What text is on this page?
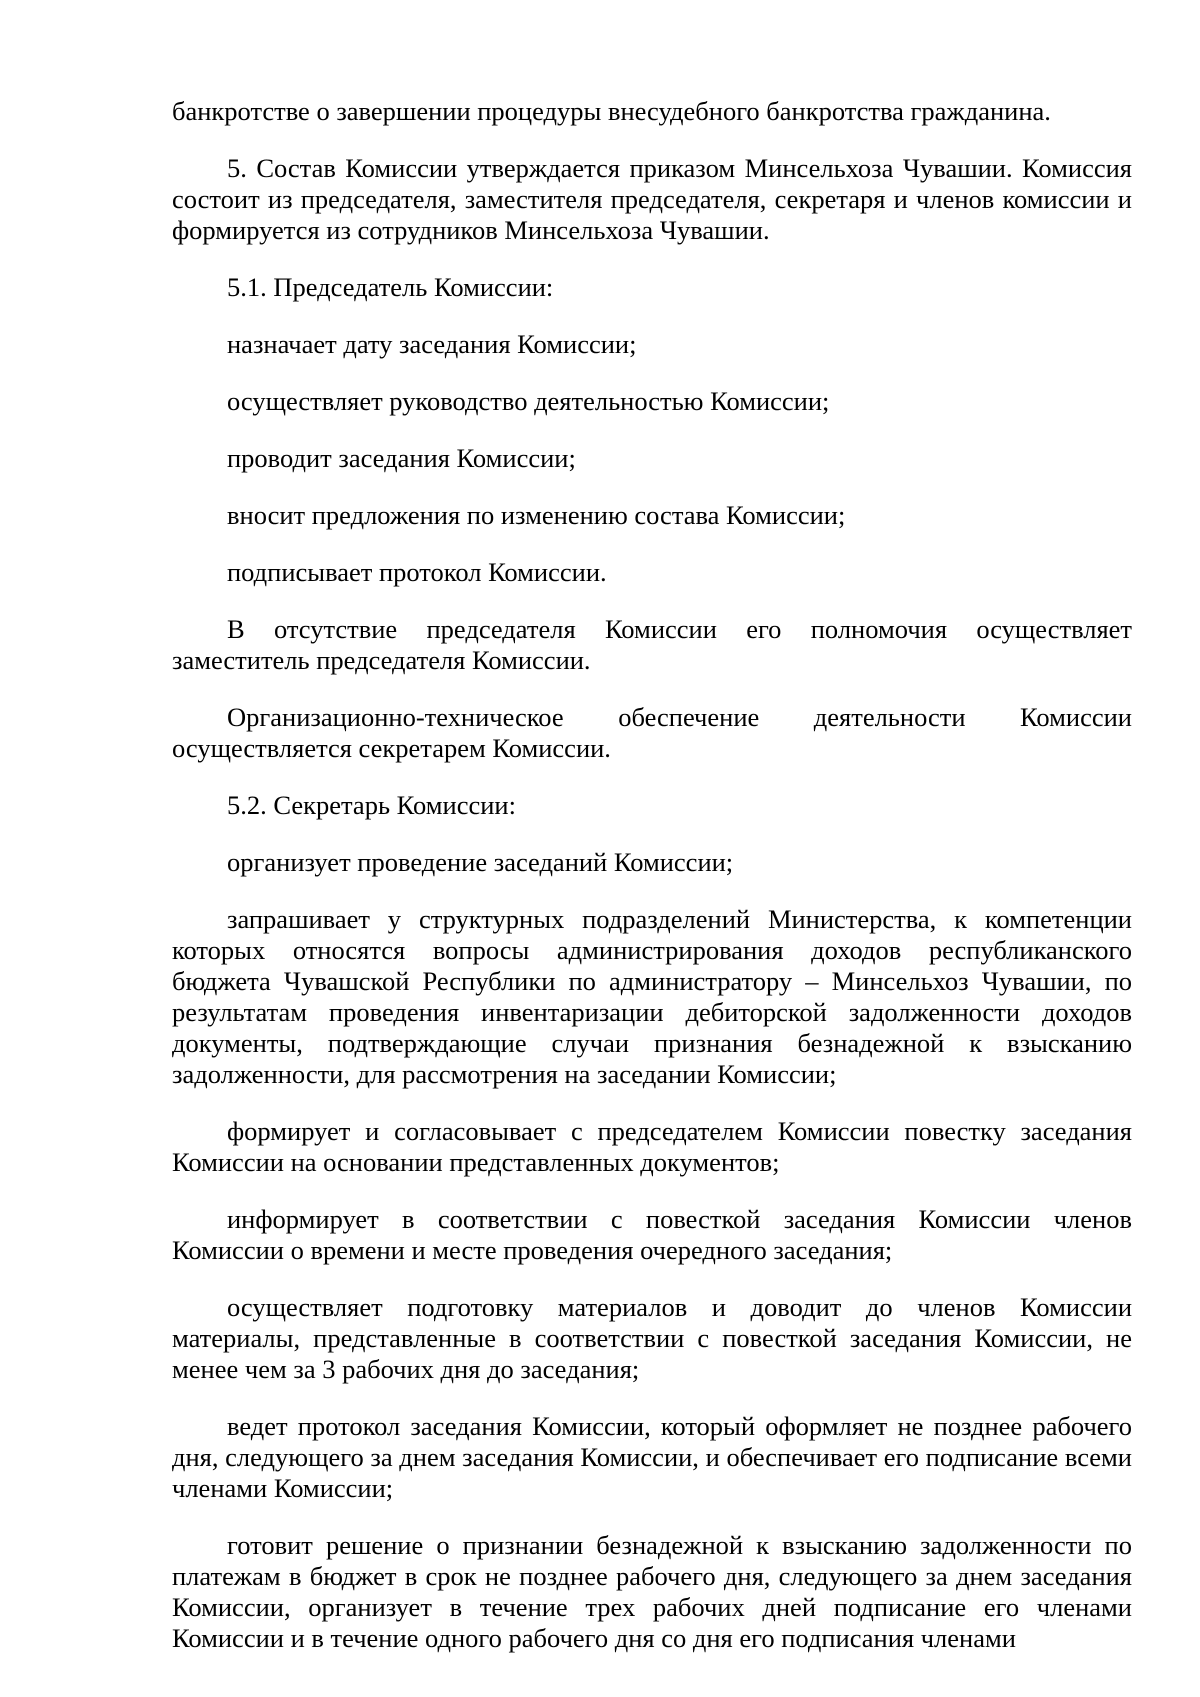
банкротстве о завершении процедуры внесудебного банкротства гражданина.

5. Состав Комиссии утверждается приказом Минсельхоза Чувашии. Комиссия состоит из председателя, заместителя председателя, секретаря и членов комиссии и формируется из сотрудников Минсельхоза Чувашии.

5.1. Председатель Комиссии:

назначает дату заседания Комиссии;

осуществляет руководство деятельностью Комиссии;

проводит заседания Комиссии;

вносит предложения по изменению состава Комиссии;

подписывает протокол Комиссии.

В отсутствие председателя Комиссии его полномочия осуществляет заместитель председателя Комиссии.

Организационно-техническое обеспечение деятельности Комиссии осуществляется секретарем Комиссии.

5.2. Секретарь Комиссии:

организует проведение заседаний Комиссии;

запрашивает у структурных подразделений Министерства, к компетенции которых относятся вопросы администрирования доходов республиканского бюджета Чувашской Республики по администратору – Минсельхоз Чувашии, по результатам проведения инвентаризации дебиторской задолженности доходов документы, подтверждающие случаи признания безнадежной к взысканию задолженности, для рассмотрения на заседании Комиссии;

формирует и согласовывает с председателем Комиссии повестку заседания Комиссии на основании представленных документов;

информирует в соответствии с повесткой заседания Комиссии членов Комиссии о времени и месте проведения очередного заседания;

осуществляет подготовку материалов и доводит до членов Комиссии материалы, представленные в соответствии с повесткой заседания Комиссии, не менее чем за 3 рабочих дня до заседания;

ведет протокол заседания Комиссии, который оформляет не позднее рабочего дня, следующего за днем заседания Комиссии, и обеспечивает его подписание всеми членами Комиссии;

готовит решение о признании безнадежной к взысканию задолженности по платежам в бюджет в срок не позднее рабочего дня, следующего за днем заседания Комиссии, организует в течение трех рабочих дней подписание его членами Комиссии и в течение одного рабочего дня со дня его подписания членами
